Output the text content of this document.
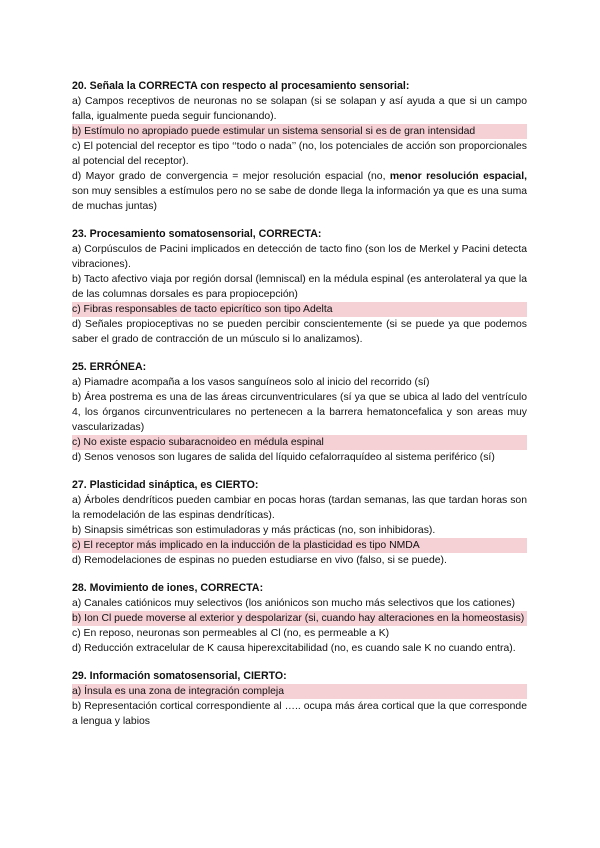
20. Señala la CORRECTA con respecto al procesamiento sensorial:
a) Campos receptivos de neuronas no se solapan (si se solapan y así ayuda a que si un campo falla, igualmente pueda seguir funcionando).
b) Estímulo no apropiado puede estimular un sistema sensorial si es de gran intensidad
c) El potencial del receptor es tipo ‘‘todo o nada’’ (no, los potenciales de acción son proporcionales al potencial del receptor).
d) Mayor grado de convergencia = mejor resolución espacial (no, menor resolución espacial, son muy sensibles a estímulos pero no se sabe de donde llega la información ya que es una suma de muchas juntas)
23. Procesamiento somatosensorial, CORRECTA:
a) Corpúsculos de Pacini implicados en detección de tacto fino (son los de Merkel y Pacini detecta vibraciones).
b) Tacto afectivo viaja por región dorsal (lemniscal) en la médula espinal (es anterolateral ya que la de las columnas dorsales es para propiocepción)
c) Fibras responsables de tacto epicrítico son tipo Adelta
d) Señales propioceptivas no se pueden percibir conscientemente (si se puede ya que podemos saber el grado de contracción de un músculo si lo analizamos).
25. ERRÓNEA:
a) Piamadre acompaña a los vasos sanguíneos solo al inicio del recorrido (sí)
b) Área postrema es una de las áreas circunventriculares (sí ya que se ubica al lado del ventrículo 4, los órganos circunventriculares no pertenecen a la barrera hematoncefalica y son areas muy vascularizadas)
c) No existe espacio subaracnoideo en médula espinal
d) Senos venosos son lugares de salida del líquido cefalorraquídeo al sistema periférico (sí)
27. Plasticidad sináptica, es CIERTO:
a) Árboles dendríticos pueden cambiar en pocas horas (tardan semanas, las que tardan horas son la remodelación de las espinas dendríticas).
b) Sinapsis simétricas son estimuladoras y más prácticas (no, son inhibidoras).
c) El receptor más implicado en la inducción de la plasticidad es tipo NMDA
d) Remodelaciones de espinas no pueden estudiarse en vivo (falso, si se puede).
28. Movimiento de iones, CORRECTA:
a) Canales catiónicos muy selectivos (los aniónicos son mucho más selectivos que los cationes)
b) Ion Cl puede moverse al exterior y despolarizar (si, cuando hay alteraciones en la homeostasis)
c) En reposo, neuronas son permeables al Cl (no, es permeable a K)
d) Reducción extracelular de K causa hiperexcitabilidad (no, es cuando sale K no cuando entra).
29. Información somatosensorial, CIERTO:
a) Ínsula es una zona de integración compleja
b) Representación cortical correspondiente al ….. ocupa más área cortical que la que corresponde a lengua y labios
